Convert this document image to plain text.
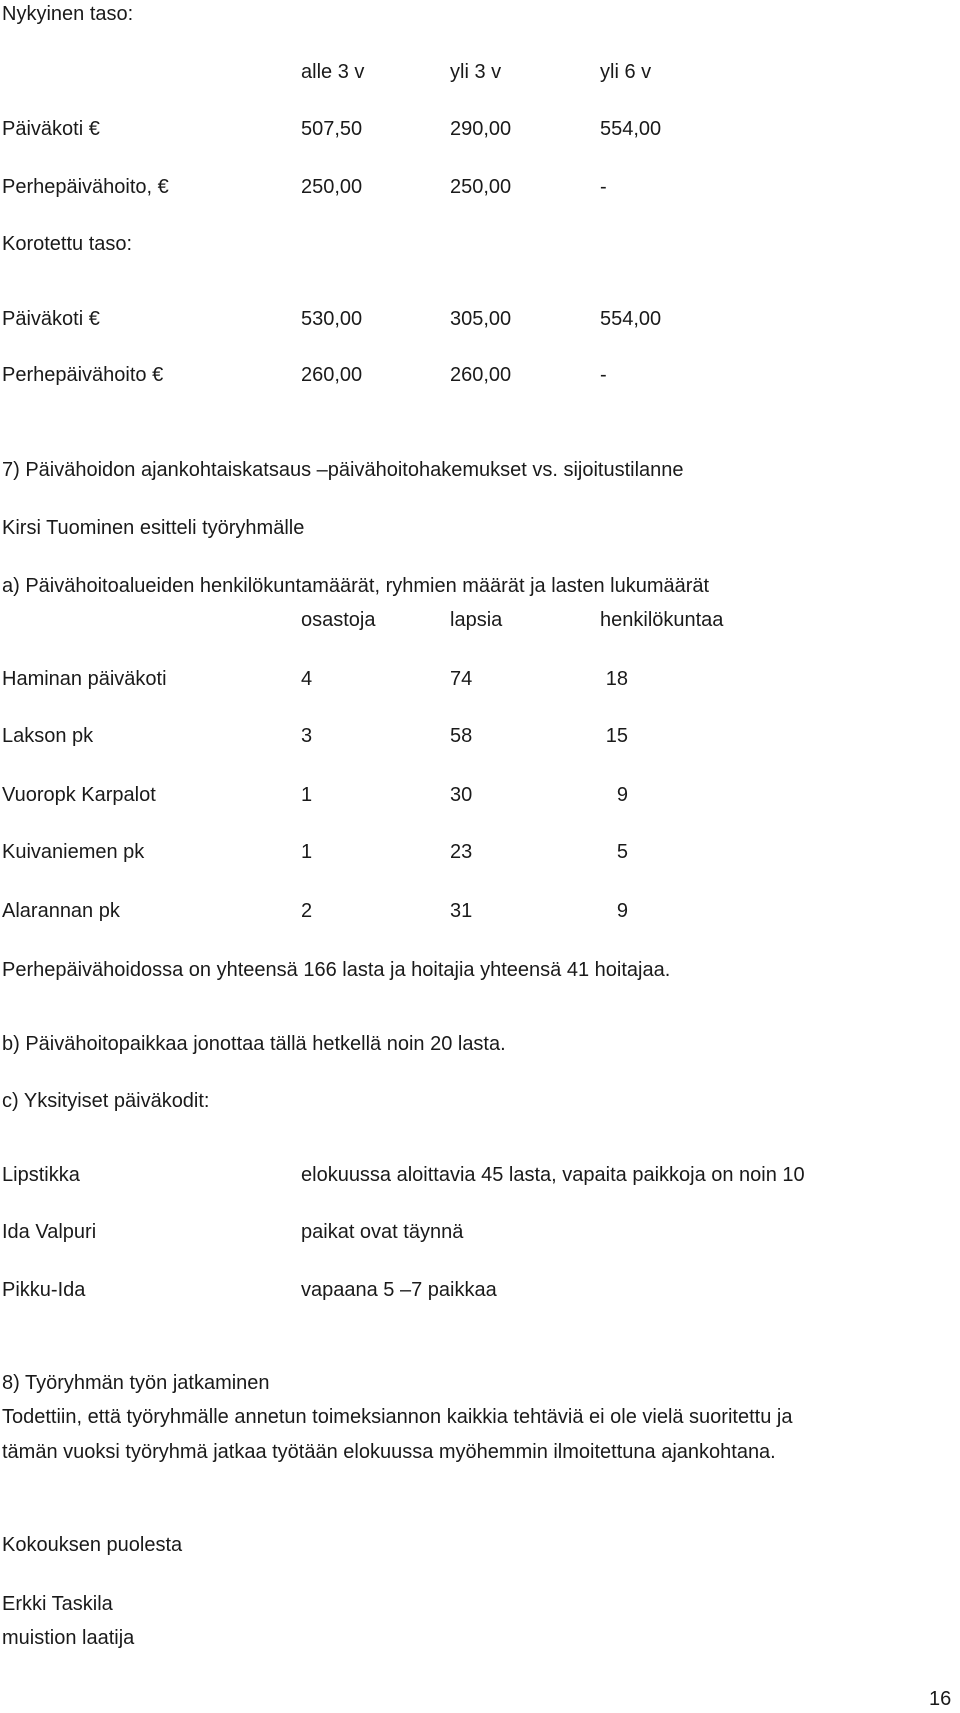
Nykyinen taso:
alle 3 v	yli 3 v	yli 6 v
Päiväkoti €	507,50	290,00	554,00
Perhepäivähoito, €	250,00	250,00	-
Korotettu taso:
Päiväkoti €	530,00	305,00	554,00
Perhepäivähoito €	260,00	260,00	-
7) Päivähoidon ajankohtaiskatsaus –päivähoitohakemukset vs. sijoitustilanne
Kirsi Tuominen esitteli työryhmälle
a) Päivähoitoalueiden henkilökuntamäärät, ryhmien määrät ja lasten lukumäärät
osastoja	lapsia	henkilökuntaa
Haminan päiväkoti	4	74	18
Lakson pk	3	58	15
Vuoropk Karpalot	1	30	9
Kuivaniemen pk	1	23	5
Alarannan pk	2	31	9
Perhepäivähoidossa on yhteensä 166 lasta ja hoitajia yhteensä 41 hoitajaa.
b) Päivähoitopaikkaa jonottaa tällä hetkellä noin 20 lasta.
c) Yksityiset päiväkodit:
Lipstikka	elokuussa aloittavia 45 lasta, vapaita paikkoja on noin 10
Ida Valpuri	paikat ovat täynnä
Pikku-Ida	vapaana 5 –7 paikkaa
8) Työryhmän työn jatkaminen
Todettiin, että työryhmälle annetun toimeksiannon kaikkia tehtäviä ei ole vielä suoritettu ja
tämän vuoksi työryhmä jatkaa työtään elokuussa myöhemmin ilmoitettuna ajankohtana.
Kokouksen puolesta
Erkki Taskila
muistion laatija
16
